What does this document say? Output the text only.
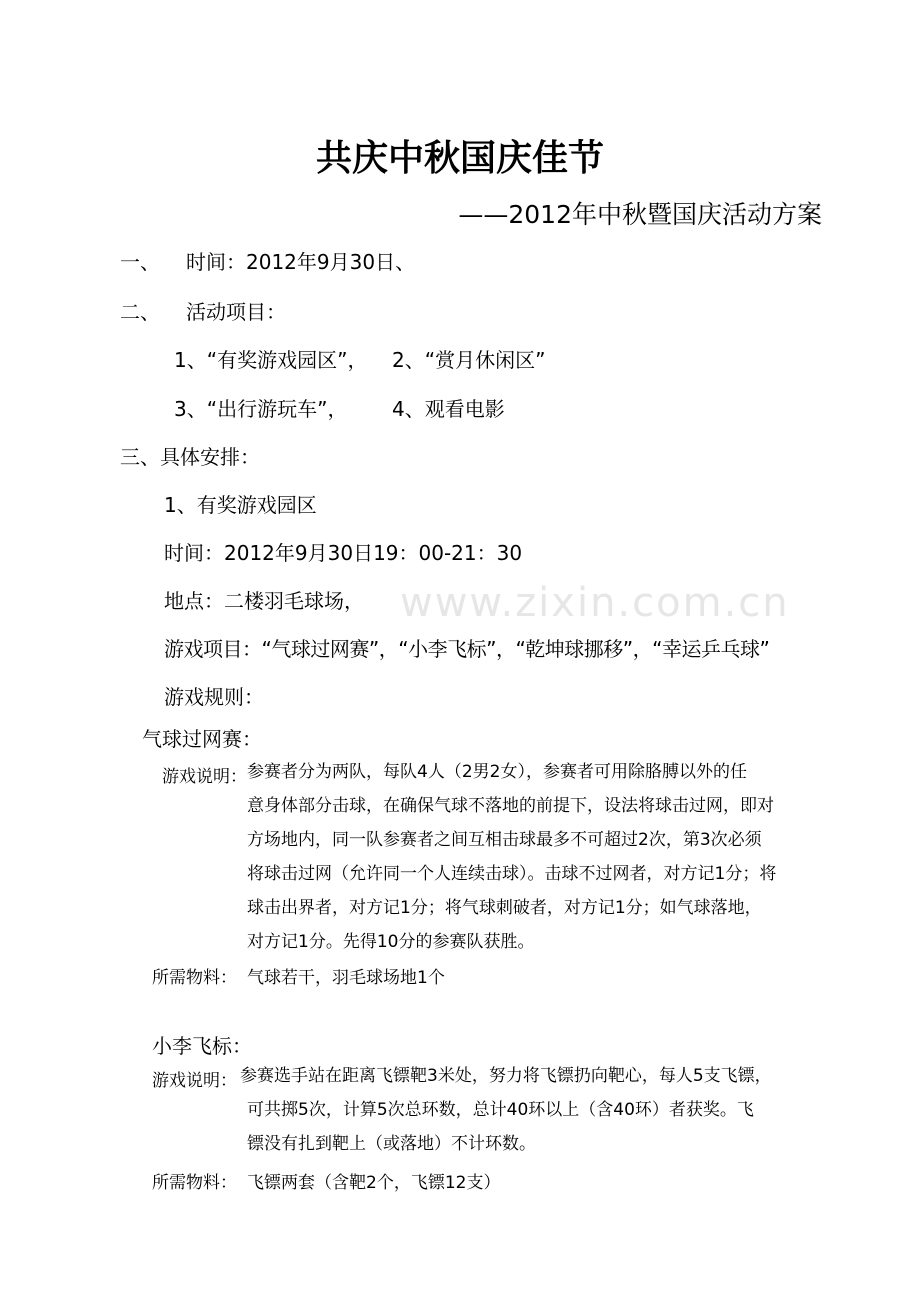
www.zixin.com.cn
共庆中秋国庆佳节
——2012年中秋暨国庆活动方案
一、 时间：2012年9月30日、
二、 活动项目：
1、“有奖游戏园区”， 2、“赏月休闲区”
3、“出行游玩车”， 4、观看电影
三、具体安排：
1、有奖游戏园区
时间：2012年9月30日19：00-21：30
地点：二楼羽毛球场，
游戏项目：“气球过网赛”，“小李飞标”，“乾坤球挪移”，“幸运乒乓球”
游戏规则：
气球过网赛：
游戏说明： 参赛者分为两队，每队4人（2男2女），参赛者可用除胳膊以外的任
意身体部分击球，在确保气球不落地的前提下，设法将球击过网，即对
方场地内，同一队参赛者之间互相击球最多不可超过2次，第3次必须
将球击过网（允许同一个人连续击球）。击球不过网者，对方记1分；将
球击出界者，对方记1分；将气球刺破者，对方记1分；如气球落地，
对方记1分。先得10分的参赛队获胜。
所需物料： 气球若干，羽毛球场地1个
小李飞标：
游戏说明： 参赛选手站在距离飞镖靶3米处，努力将飞镖扔向靶心，每人5支飞镖，
可共掷5次，计算5次总环数，总计40环以上（含40环）者获奖。飞
镖没有扎到靶上（或落地）不计环数。
所需物料： 飞镖两套（含靶2个，飞镖12支）
